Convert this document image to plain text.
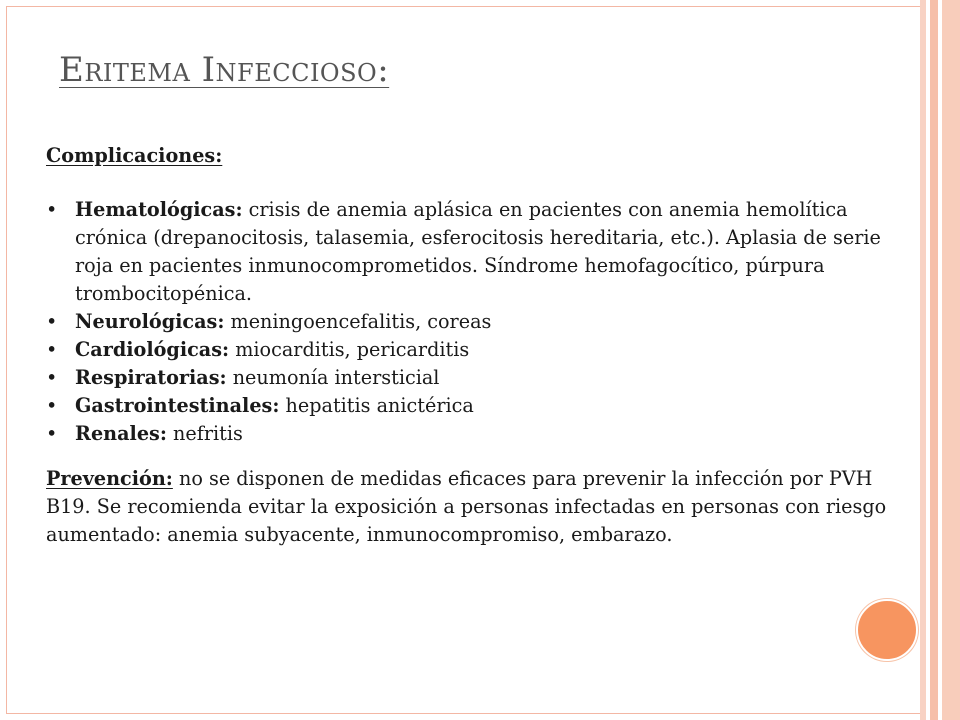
Eritema Infeccioso:
Complicaciones:
• Hematológicas: crisis de anemia aplásica en pacientes con anemia hemolítica crónica (drepanocitosis, talasemia, esferocitosis hereditaria, etc.). Aplasia de serie roja en pacientes inmunocomprometidos. Síndrome hemofagocítico, púrpura trombocitopénica.
• Neurológicas: meningoencefalitis, coreas
• Cardiológicas: miocarditis, pericarditis
• Respiratorias: neumonía intersticial
• Gastrointestinales: hepatitis anictérica
• Renales: nefritis
Prevención: no se disponen de medidas eficaces para prevenir la infección por PVH B19. Se recomienda evitar la exposición a personas infectadas en personas con riesgo aumentado: anemia subyacente, inmunocompromiso, embarazo.
